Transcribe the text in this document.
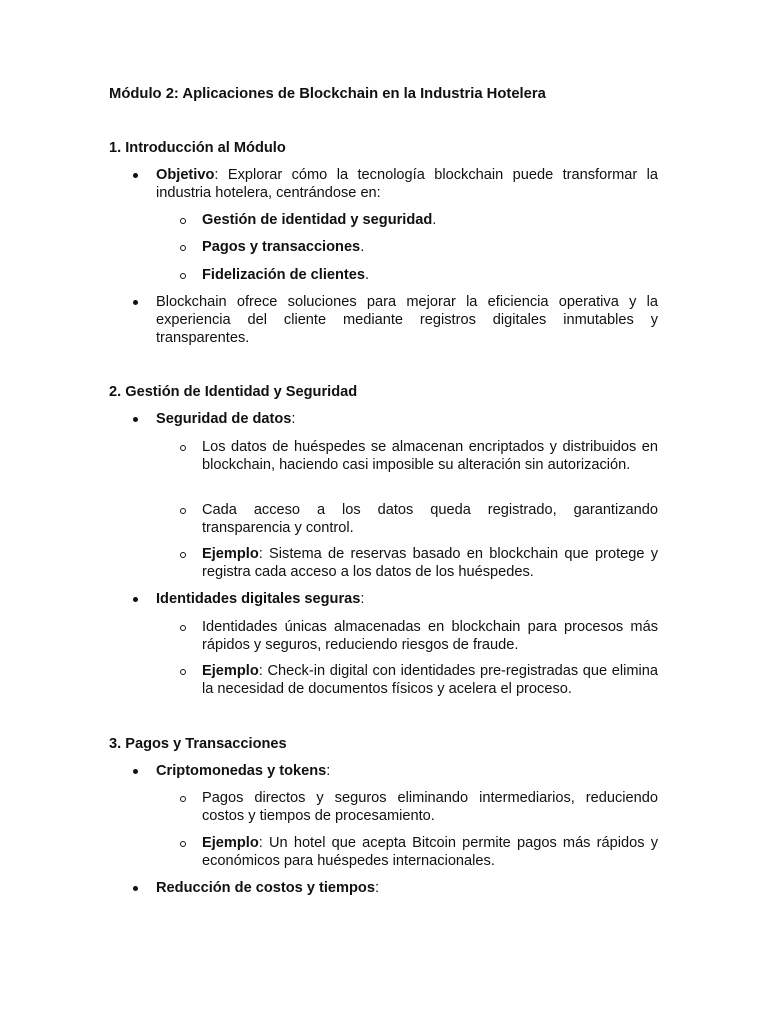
Módulo 2: Aplicaciones de Blockchain en la Industria Hotelera
1. Introducción al Módulo
Objetivo: Explorar cómo la tecnología blockchain puede transformar la industria hotelera, centrándose en:
Gestión de identidad y seguridad.
Pagos y transacciones.
Fidelización de clientes.
Blockchain ofrece soluciones para mejorar la eficiencia operativa y la experiencia del cliente mediante registros digitales inmutables y transparentes.
2. Gestión de Identidad y Seguridad
Seguridad de datos:
Los datos de huéspedes se almacenan encriptados y distribuidos en blockchain, haciendo casi imposible su alteración sin autorización.
Cada acceso a los datos queda registrado, garantizando transparencia y control.
Ejemplo: Sistema de reservas basado en blockchain que protege y registra cada acceso a los datos de los huéspedes.
Identidades digitales seguras:
Identidades únicas almacenadas en blockchain para procesos más rápidos y seguros, reduciendo riesgos de fraude.
Ejemplo: Check-in digital con identidades pre-registradas que elimina la necesidad de documentos físicos y acelera el proceso.
3. Pagos y Transacciones
Criptomonedas y tokens:
Pagos directos y seguros eliminando intermediarios, reduciendo costos y tiempos de procesamiento.
Ejemplo: Un hotel que acepta Bitcoin permite pagos más rápidos y económicos para huéspedes internacionales.
Reducción de costos y tiempos:
